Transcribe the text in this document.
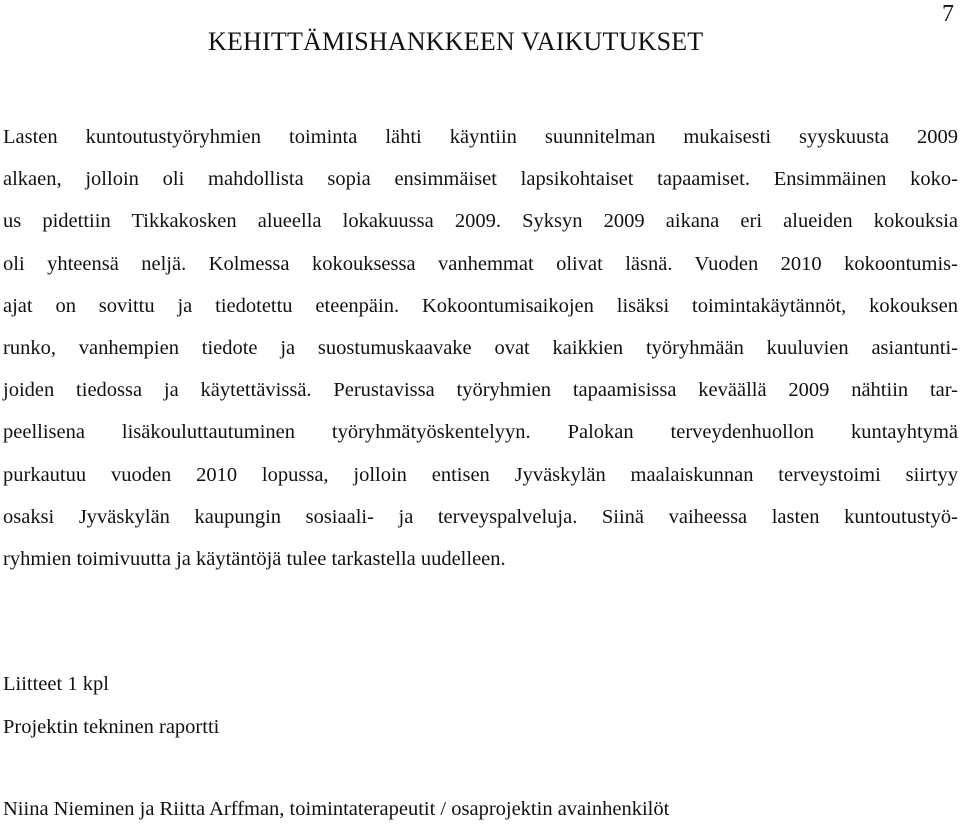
7
KEHITTÄMISHANKKEEN VAIKUTUKSET
Lasten kuntoutustyöryhmien toiminta lähti käyntiin suunnitelman mukaisesti syyskuusta 2009
alkaen, jolloin oli mahdollista sopia ensimmäiset lapsikohtaiset tapaamiset. Ensimmäinen koko-
us pidettiin Tikkakosken alueella lokakuussa 2009. Syksyn 2009 aikana eri alueiden kokouksia
oli yhteensä neljä. Kolmessa kokouksessa vanhemmat olivat läsnä. Vuoden 2010 kokoontumis-
ajat on sovittu ja tiedotettu eteenpäin. Kokoontumisaikojen lisäksi toimintakäytännöt, kokouksen
runko, vanhempien tiedote ja suostumuskaavake ovat kaikkien työryhmään kuuluvien asiantunti-
joiden tiedossa ja käytettävissä. Perustavissa työryhmien tapaamisissa keväällä 2009 nähtiin tar-
peellisena lisäkouluttautuminen työryhmätyöskentelyyn. Palokan terveydenhuollon kuntayhtymä
purkautuu vuoden 2010 lopussa, jolloin entisen Jyväskylän maalaiskunnan terveystoimi siirtyy
osaksi Jyväskylän kaupungin sosiaali- ja terveyspalveluja. Siinä vaiheessa lasten kuntoutustyö-
ryhmien toimivuutta ja käytäntöjä tulee tarkastella uudelleen.
Liitteet 1 kpl
Projektin tekninen raportti
Niina Nieminen ja Riitta Arffman, toimintaterapeutit / osaprojektin avainhenkilöt
